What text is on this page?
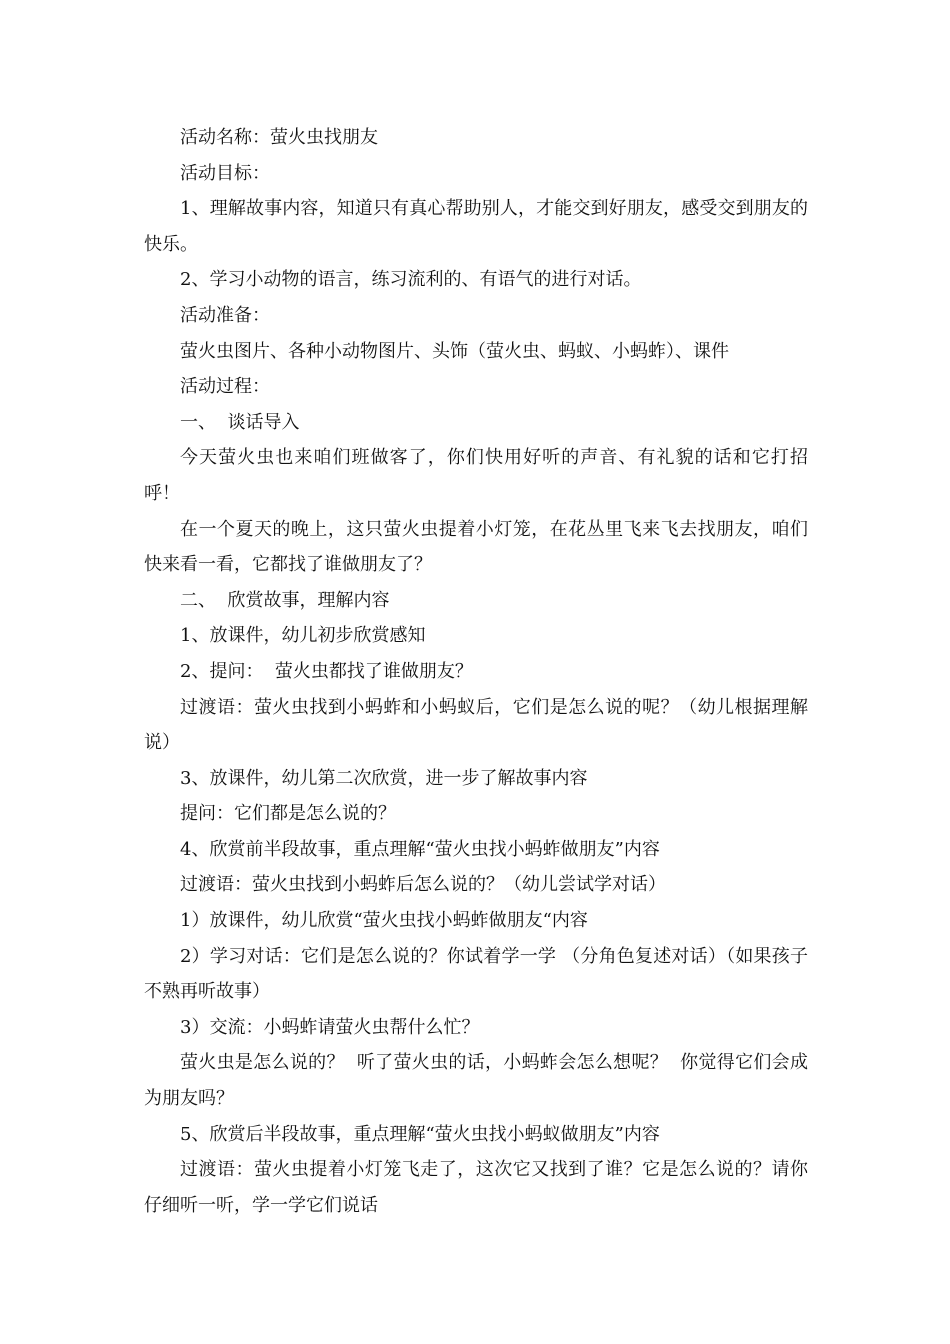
活动名称：萤火虫找朋友

活动目标：

1、理解故事内容，知道只有真心帮助别人，才能交到好朋友，感受交到朋友的快乐。

2、学习小动物的语言，练习流利的、有语气的进行对话。

活动准备：

萤火虫图片、各种小动物图片、头饰（萤火虫、蚂蚁、小蚂蚱）、课件

活动过程：

一、  谈话导入

今天萤火虫也来咱们班做客了，你们快用好听的声音、有礼貌的话和它打招呼！

在一个夏天的晚上，这只萤火虫提着小灯笼，在花丛里飞来飞去找朋友，咱们快来看一看，它都找了谁做朋友了？

二、  欣赏故事，理解内容

1、放课件，幼儿初步欣赏感知

2、提问：  萤火虫都找了谁做朋友？

过渡语：萤火虫找到小蚂蚱和小蚂蚁后，它们是怎么说的呢？（幼儿根据理解说）

3、放课件，幼儿第二次欣赏，进一步了解故事内容

提问：它们都是怎么说的？

4、欣赏前半段故事，重点理解“萤火虫找小蚂蚱做朋友”内容

过渡语：萤火虫找到小蚂蚱后怎么说的？（幼儿尝试学对话）

1）放课件，幼儿欣赏“萤火虫找小蚂蚱做朋友“内容

2）学习对话：它们是怎么说的？你试着学一学 （分角色复述对话）（如果孩子不熟再听故事）

3）交流：小蚂蚱请萤火虫帮什么忙？

萤火虫是怎么说的？  听了萤火虫的话，小蚂蚱会怎么想呢？  你觉得它们会成为朋友吗？

5、欣赏后半段故事，重点理解“萤火虫找小蚂蚁做朋友”内容

过渡语：萤火虫提着小灯笼飞走了，这次它又找到了谁？它是怎么说的？请你仔细听一听，学一学它们说话
